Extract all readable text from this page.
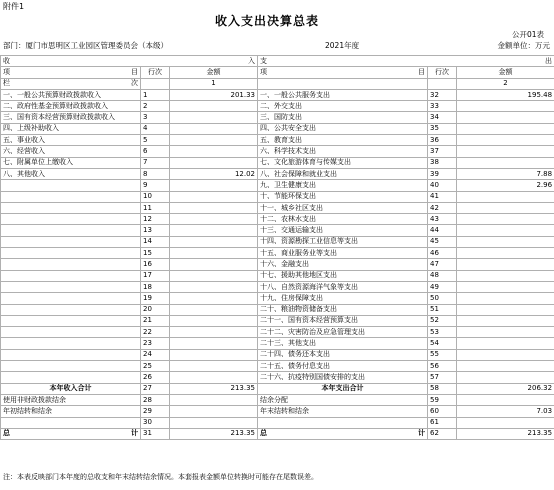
附件1
收入支出决算总表
公开01表
部门：厦门市思明区工业园区管理委员会（本级）	2021年度	金额单位：万元
收 入			支 出		

项 目	行次	金额	项 目	行次	金额

栏 次		1			2
一、一般公共预算财政拨款收入	1	201.33	一、一般公共服务支出	32	195.48
二、政府性基金预算财政拨款收入	2		二、外交支出	33	
三、国有资本经营预算财政拨款收入	3		三、国防支出	34	
四、上级补助收入	4		四、公共安全支出	35	
五、事业收入	5		五、教育支出	36	
六、经营收入	6		六、科学技术支出	37	
七、附属单位上缴收入	7		七、文化旅游体育与传媒支出	38	
八、其他收入	8	12.02	八、社会保障和就业支出	39	7.88
	9		九、卫生健康支出	40	2.96
	10		十、节能环保支出	41	
	11		十一、城乡社区支出	42	
	12		十二、农林水支出	43	
	13		十三、交通运输支出	44	
	14		十四、资源勘探工业信息等支出	45	
	15		十五、商业服务业等支出	46	
	16		十六、金融支出	47	
	17		十七、援助其他地区支出	48	
	18		十八、自然资源海洋气象等支出	49	
	19		十九、住房保障支出	50	
	20		二十、粮油物资储备支出	51	
	21		二十一、国有资本经营预算支出	52	
	22		二十二、灾害防治及应急管理支出	53	
	23		二十三、其他支出	54	
	24		二十四、债务还本支出	55	
	25		二十五、债务付息支出	56	
	26		二十六、抗疫特别国债安排的支出	57	
本年收入合计	27	213.35	本年支出合计	58	206.32
使用非财政拨款结余	28		结余分配	59	
年初结转和结余	29		年末结转和结余	60	7.03
	30			61	

总 计	31	213.35	总 计	62	213.35
注：本表反映部门本年度的总收支和年末结转结余情况。本套报表金额单位转换时可能存在尾数误差。
